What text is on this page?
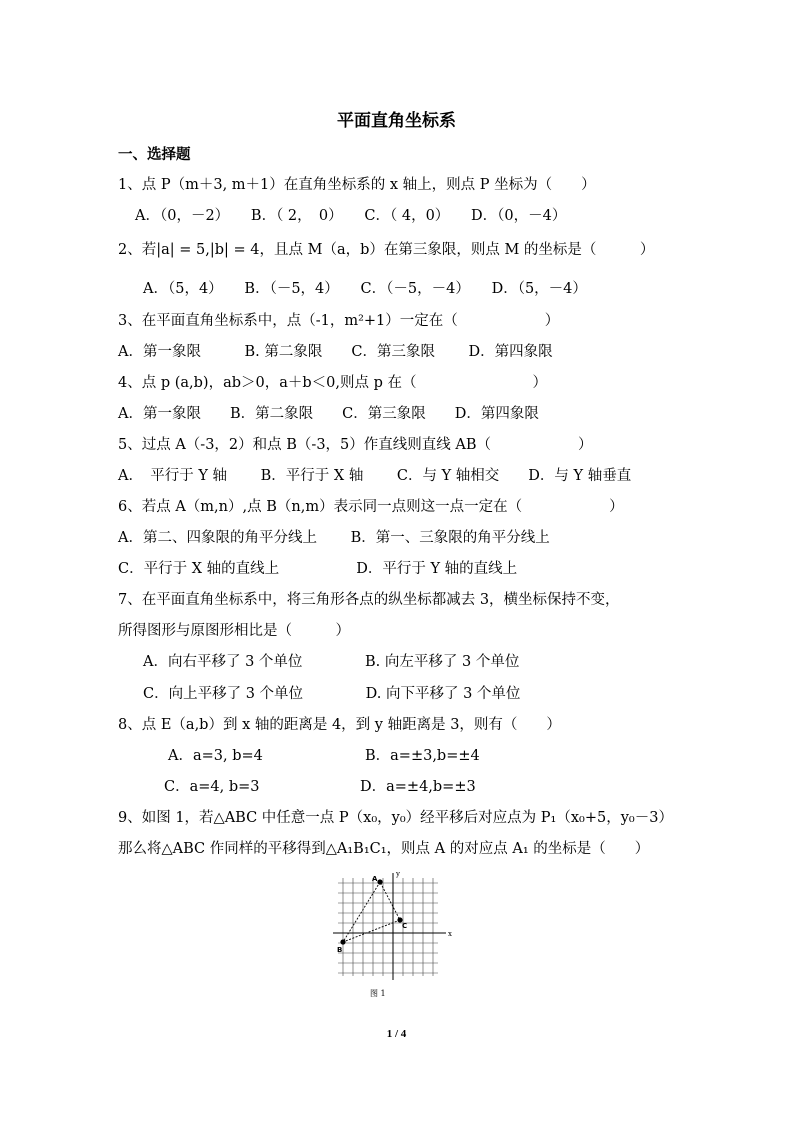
平面直角坐标系
一、选择题
1、点 P（m＋3, m＋1）在直角坐标系的 x 轴上，则点 P 坐标为（　　）
A．（0，－2）　　B．（ 2，　0）　　C．（ 4，0）　　D．（0，－4）
2、若|a| = 5,|b| = 4，且点 M（a，b）在第三象限，则点 M 的坐标是（　　　）
A．（5，4）　　B．（－5，4）　　C．（－5，－4）　　D．（5，－4）
3、在平面直角坐标系中，点（-1，m²+1）一定在（　　　　　　）
A．第一象限　　　B. 第二象限　　C．第三象限　　 D．第四象限
4、点 p (a,b)，ab＞0，a＋b＜0,则点 p 在（　　　　　　　　）
A．第一象限　　B．第二象限　　C．第三象限　　D．第四象限
5、过点 A（-3，2）和点 B（-3，5）作直线则直线 AB（　　　　　　）
A．　平行于 Y 轴　　 B．平行于 X 轴　　 C．与 Y 轴相交　　D．与 Y 轴垂直
6、若点 A（m,n）,点 B（n,m）表示同一点则这一点一定在（　　　　　　）
A．第二、四象限的角平分线上　　 B．第一、三象限的角平分线上
C．平行于 X 轴的直线上　　　　　 D．平行于 Y 轴的直线上
7、在平面直角坐标系中，将三角形各点的纵坐标都减去 3，横坐标保持不变，
所得图形与原图形相比是（　　　）
A．向右平移了 3 个单位　　　　 B. 向左平移了 3 个单位
C．向上平移了 3 个单位　　　　 D. 向下平移了 3 个单位
8、点 E（a,b）到 x 轴的距离是 4，到 y 轴距离是 3，则有（　　）
A．a=3, b=4	B．a=±3,b=±4
C．a=4, b=3	D．a=±4,b=±3
9、如图 1，若△ABC 中任意一点 P（x₀，y₀）经平移后对应点为 P₁（x₀+5，y₀－3）
那么将△ABC 作同样的平移得到△A₁B₁C₁，则点 A 的对应点 A₁ 的坐标是（　　）
x
y
A
B
C
图 1
1 / 4
